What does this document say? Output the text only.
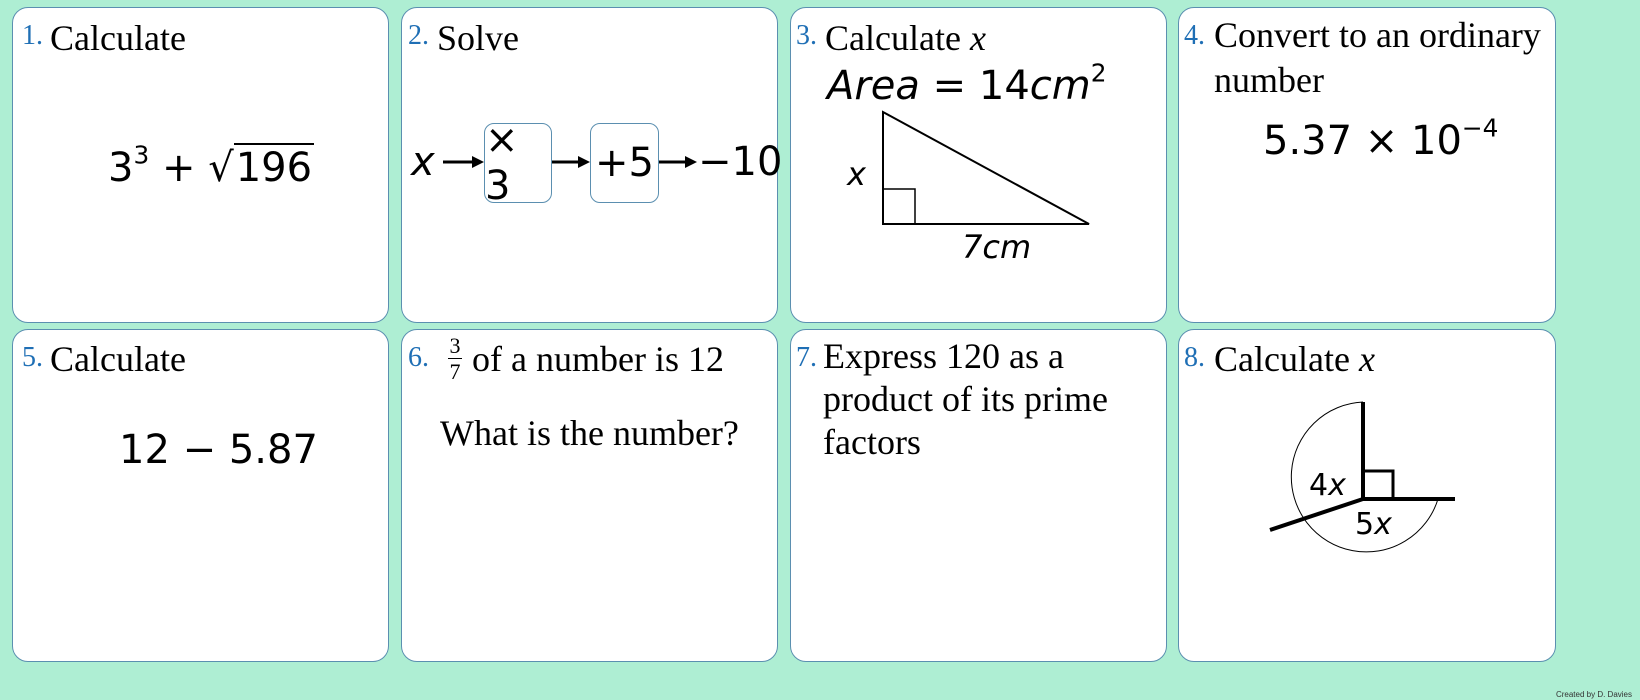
1. Calculate
$3^3 + √196$
2. Solve
x × 3	+5 −10
3. Calculate x
Area = $14cm^2$
x
7cm
4. Convert to an ordinary number
$5.37 \times 10^{-4}$
5. Calculate
12 − 5.87
6. 3
7 of a number is 12
What is the number?
7. Express 120 as a product of its prime factors
8. Calculate x
4x
5x
Created by D. Davies
